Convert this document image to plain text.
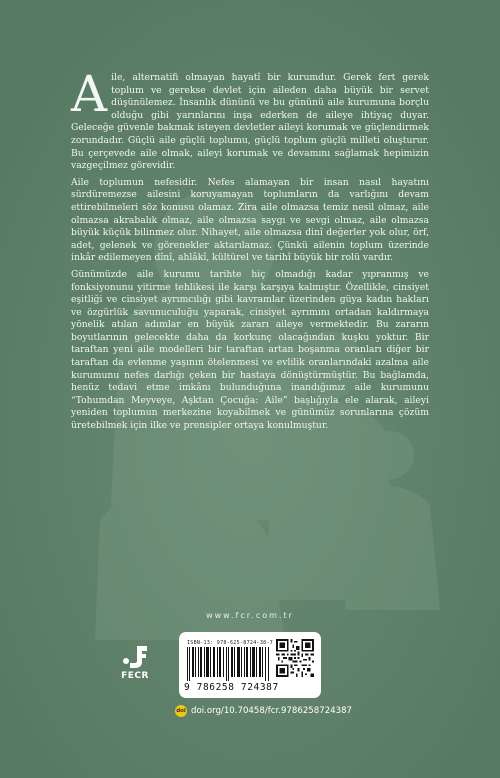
Aile, alternatifi olmayan hayatî bir kurumdur. Gerek fert gerek toplum ve gerekse devlet için aileden daha büyük bir servet düşünülemez. İnsanlık dününü ve bu gününü aile kurumuna borçlu olduğu gibi yarınlarını inşa ederken de aileye ihtiyaç duyar. Geleceğe güvenle bakmak isteyen devletler aileyi korumak ve güçlendirmek zorundadır. Güçlü aile güçlü toplumu, güçlü toplum güçlü milleti oluşturur. Bu çerçevede aile olmak, aileyi korumak ve devamını sağlamak hepimizin vazgeçilmez görevidir.

Aile toplumun nefesidir. Nefes alamayan bir insan nasıl hayatını sürdüremezse ailesini koruyamayan toplumların da varlığını devam ettirebilmeleri söz konusu olamaz. Zira aile olmazsa temiz nesil olmaz, aile olmazsa akrabalık olmaz, aile olmazsa saygı ve sevgi olmaz, aile olmazsa büyük küçük bilinmez olur. Nihayet, aile olmazsa dinî değerler yok olur, örf, adet, gelenek ve görenekler aktarılamaz. Çünkü ailenin toplum üzerinde inkâr edilemeyen dînî, ahlâkî, kültürel ve tarihî büyük bir rolü vardır.

Günümüzde aile kurumu tarihte hiç olmadığı kadar yıpranmış ve fonksiyonunu yitirme tehlikesi ile karşı karşıya kalmıştır. Özellikle, cinsiyet eşitliği ve cinsiyet ayrımcılığı gibi kavramlar üzerinden güya kadın hakları ve özgürlük savunuculuğu yaparak, cinsiyet ayrımını ortadan kaldırmaya yönelik atılan adımlar en büyük zararı aileye vermektedir. Bu zararın boyutlarının gelecekte daha da korkunç olacağından kuşku yoktur. Bir taraftan yeni aile modelleri bir taraftan artan boşanma oranları diğer bir taraftan da evlenme yaşının ötelenmesi ve evlilik oranlarındaki azalma aile kurumunu nefes darlığı çeken bir hastaya dönüştürmüştür. Bu bağlamda, henüz tedavi etme imkânı bulunduğuna inandığımız aile kurumunu “Tohumdan Meyveye, Aşktan Çocuğa: Aile” başlığıyla ele alarak, aileyi yeniden toplumun merkezine koyabilmek ve günümüz sorunlarına çözüm üretebilmek için ilke ve prensipler ortaya konulmuştur.

www.fcr.com.tr
FECR
ISBN-13: 978-625-8724-38-7
9 786258 724387
doi doi.org/10.70458/fcr.9786258724387
